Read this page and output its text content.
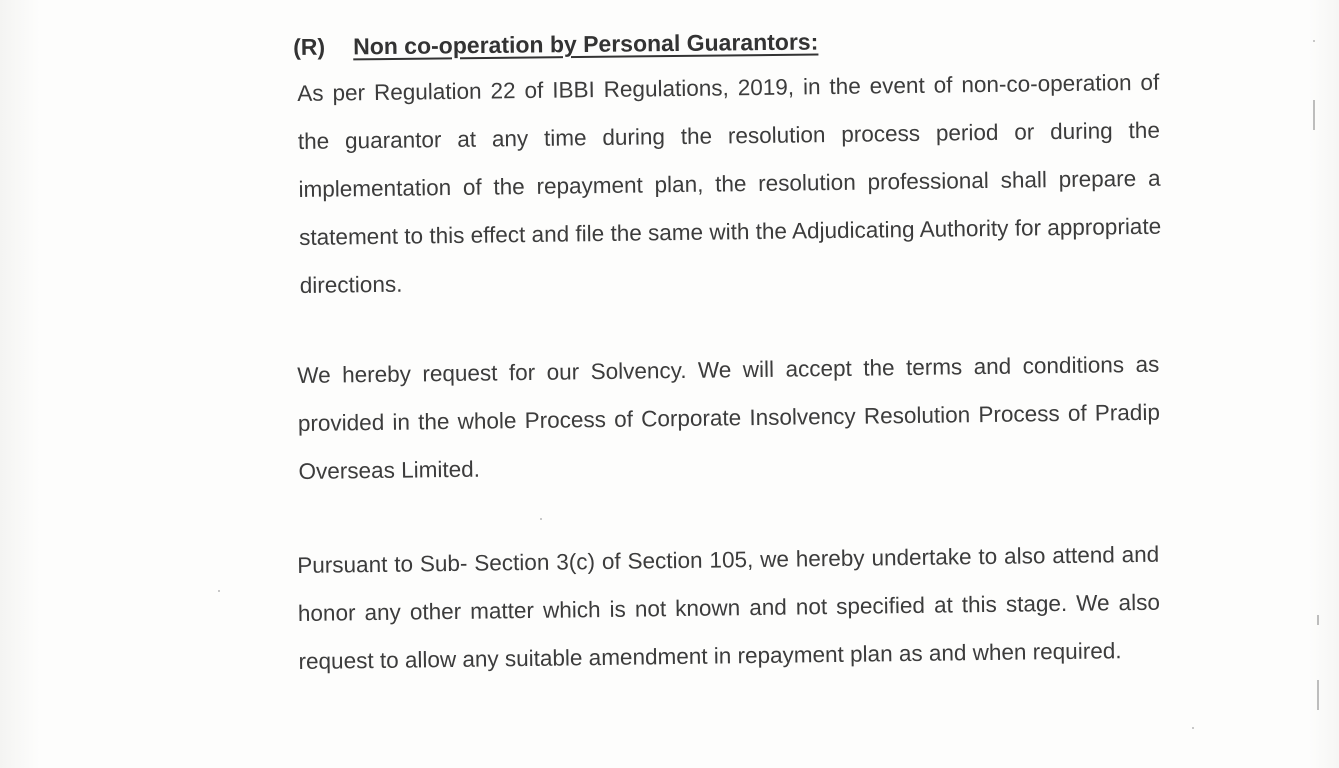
(R) Non co-operation by Personal Guarantors:
As per Regulation 22 of IBBI Regulations, 2019, in the event of non-co-operation of the guarantor at any time during the resolution process period or during the implementation of the repayment plan, the resolution professional shall prepare a statement to this effect and file the same with the Adjudicating Authority for appropriate directions.
We hereby request for our Solvency. We will accept the terms and conditions as provided in the whole Process of Corporate Insolvency Resolution Process of Pradip Overseas Limited.
Pursuant to Sub- Section 3(c) of Section 105, we hereby undertake to also attend and honor any other matter which is not known and not specified at this stage. We also request to allow any suitable amendment in repayment plan as and when required.
